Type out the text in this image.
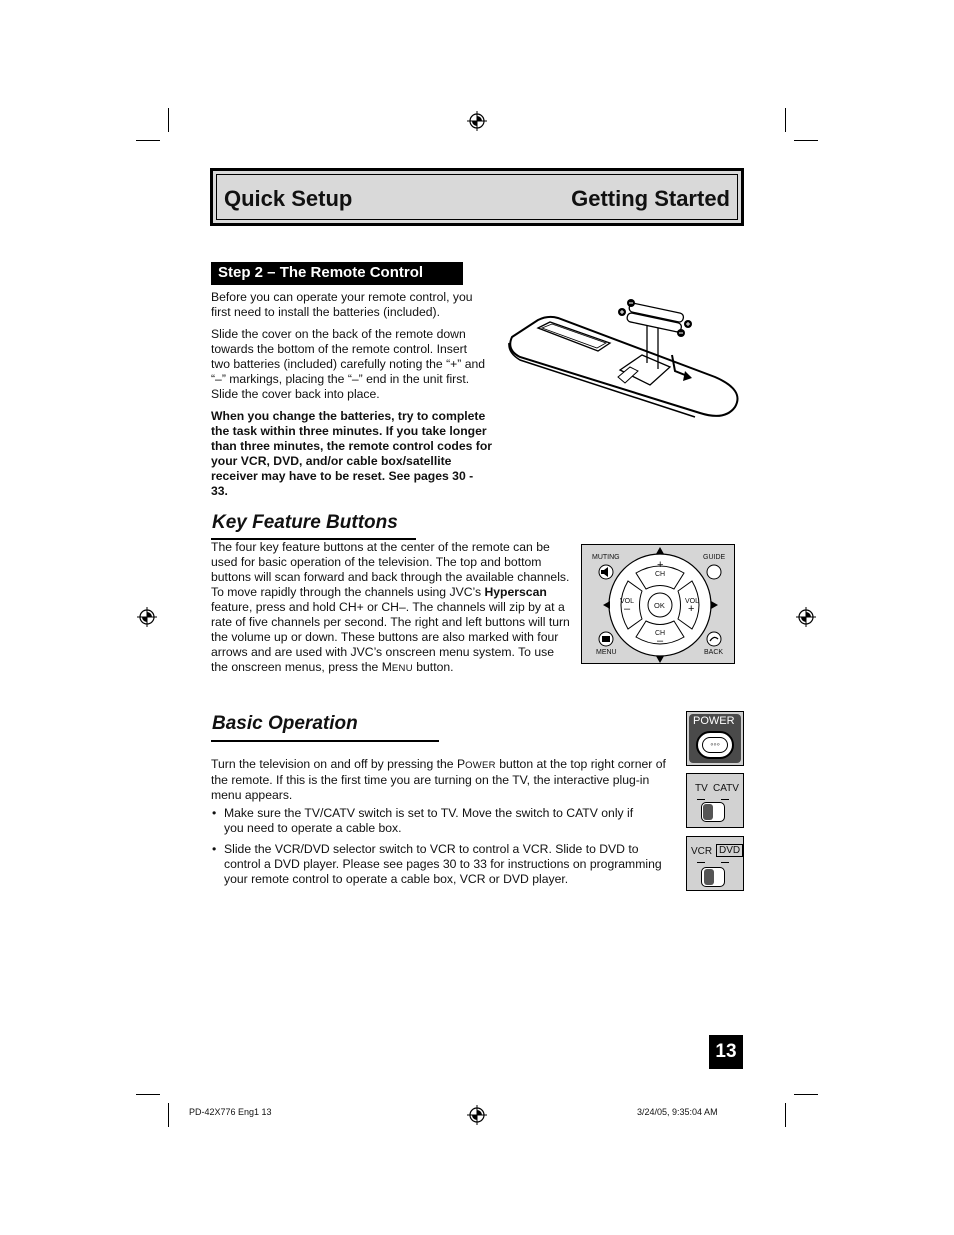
Quick Setup	Getting Started
Step 2 – The Remote Control
Before you can operate your remote control, you first need to install the batteries (included).
Slide the cover on the back of the remote down towards the bottom of the remote control. Insert two batteries (included) carefully noting the “+” and “–” markings, placing the “–” end in the unit first. Slide the cover back into place.
When you change the batteries, try to complete the task within three minutes. If you take longer than three minutes, the remote control codes for your VCR, DVD, and/or cable box/satellite receiver may have to be reset. See pages 30 - 33.
Key Feature Buttons
The four key feature buttons at the center of the remote can be used for basic operation of the television. The top and bottom buttons will scan forward and back through the available channels. To move rapidly through the channels using JVC’s Hyperscan feature, press and hold CH+ or CH–. The channels will zip by at a rate of five channels per second. The right and left buttons will turn the volume up or down. These buttons are also marked with four arrows and are used with JVC’s onscreen menu system. To use the onscreen menus, press the MENU button.
MUTING	GUIDE
MENU	BACK
+
CH
CH
–
VOL
–
VOL
+
OK
Basic Operation
Turn the television on and off by pressing the POWER button at the top right corner of the remote. If this is the first time you are turning on the TV, the interactive plug-in menu appears.
• Make sure the TV/CATV switch is set to TV. Move the switch to CATV only if you need to operate a cable box.
• Slide the VCR/DVD selector switch to VCR to control a VCR. Slide to DVD to control a DVD player. Please see pages 30 to 33 for instructions on programming your remote control to operate a cable box, VCR or DVD player.
POWER
◦◦◦
TV CATV
VCR DVD
13
PD-42X776 Eng1 13	3/24/05, 9:35:04 AM
